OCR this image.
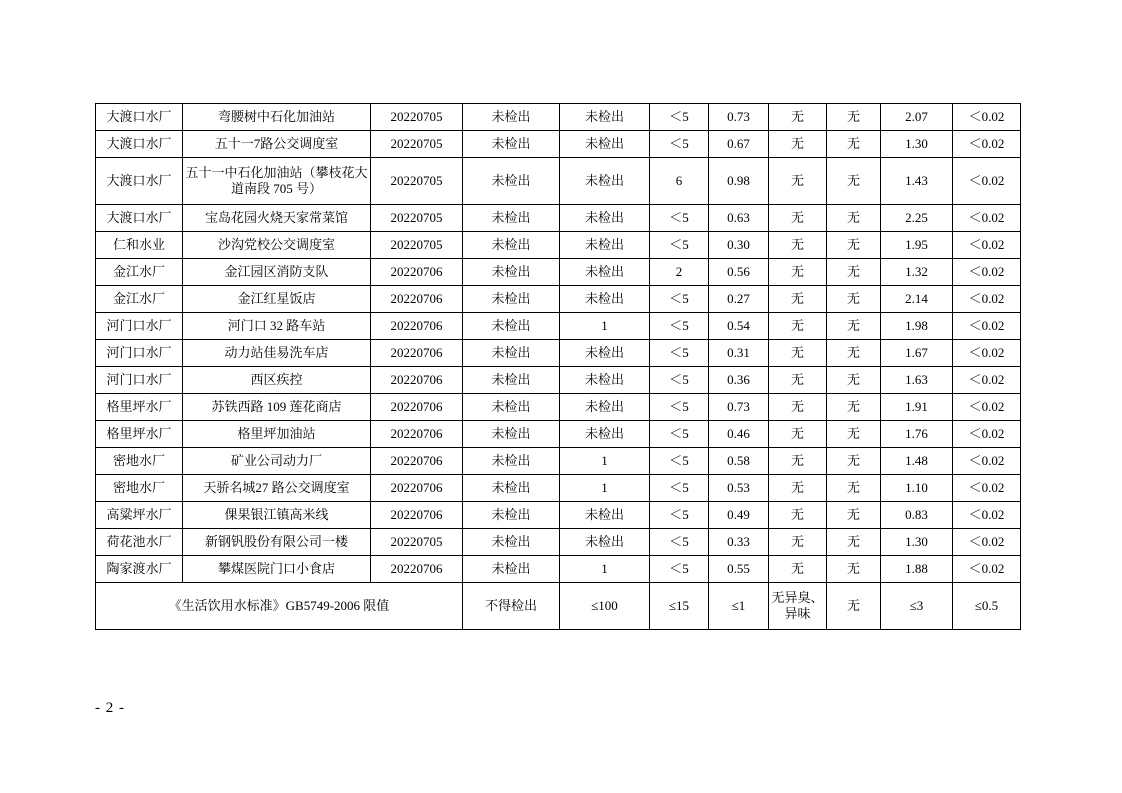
大渡口水厂	弯腰树中石化加油站	20220705	未检出	未检出	＜5	0.73	无	无	2.07	＜0.02
大渡口水厂	五十一7路公交调度室	20220705	未检出	未检出	＜5	0.67	无	无	1.30	＜0.02
大渡口水厂	五十一中石化加油站（攀枝花大道南段 705 号）	20220705	未检出	未检出	6	0.98	无	无	1.43	＜0.02
大渡口水厂	宝岛花园火烧天家常菜馆	20220705	未检出	未检出	＜5	0.63	无	无	2.25	＜0.02
仁和水业	沙沟党校公交调度室	20220705	未检出	未检出	＜5	0.30	无	无	1.95	＜0.02
金江水厂	金江园区消防支队	20220706	未检出	未检出	2	0.56	无	无	1.32	＜0.02
金江水厂	金江红星饭店	20220706	未检出	未检出	＜5	0.27	无	无	2.14	＜0.02
河门口水厂	河门口 32 路车站	20220706	未检出	1	＜5	0.54	无	无	1.98	＜0.02
河门口水厂	动力站佳易洗车店	20220706	未检出	未检出	＜5	0.31	无	无	1.67	＜0.02
河门口水厂	西区疾控	20220706	未检出	未检出	＜5	0.36	无	无	1.63	＜0.02
格里坪水厂	苏铁西路 109 莲花商店	20220706	未检出	未检出	＜5	0.73	无	无	1.91	＜0.02
格里坪水厂	格里坪加油站	20220706	未检出	未检出	＜5	0.46	无	无	1.76	＜0.02
密地水厂	矿业公司动力厂	20220706	未检出	1	＜5	0.58	无	无	1.48	＜0.02
密地水厂	天骄名城27 路公交调度室	20220706	未检出	1	＜5	0.53	无	无	1.10	＜0.02
高粱坪水厂	倮果银江镇高米线	20220706	未检出	未检出	＜5	0.49	无	无	0.83	＜0.02
荷花池水厂	新钢钒股份有限公司一楼	20220705	未检出	未检出	＜5	0.33	无	无	1.30	＜0.02
陶家渡水厂	攀煤医院门口小食店	20220706	未检出	1	＜5	0.55	无	无	1.88	＜0.02
《生活饮用水标准》GB5749-2006 限值			不得检出	≤100	≤15	≤1	无异臭、异味	无	≤3	≤0.5
- 2 -
